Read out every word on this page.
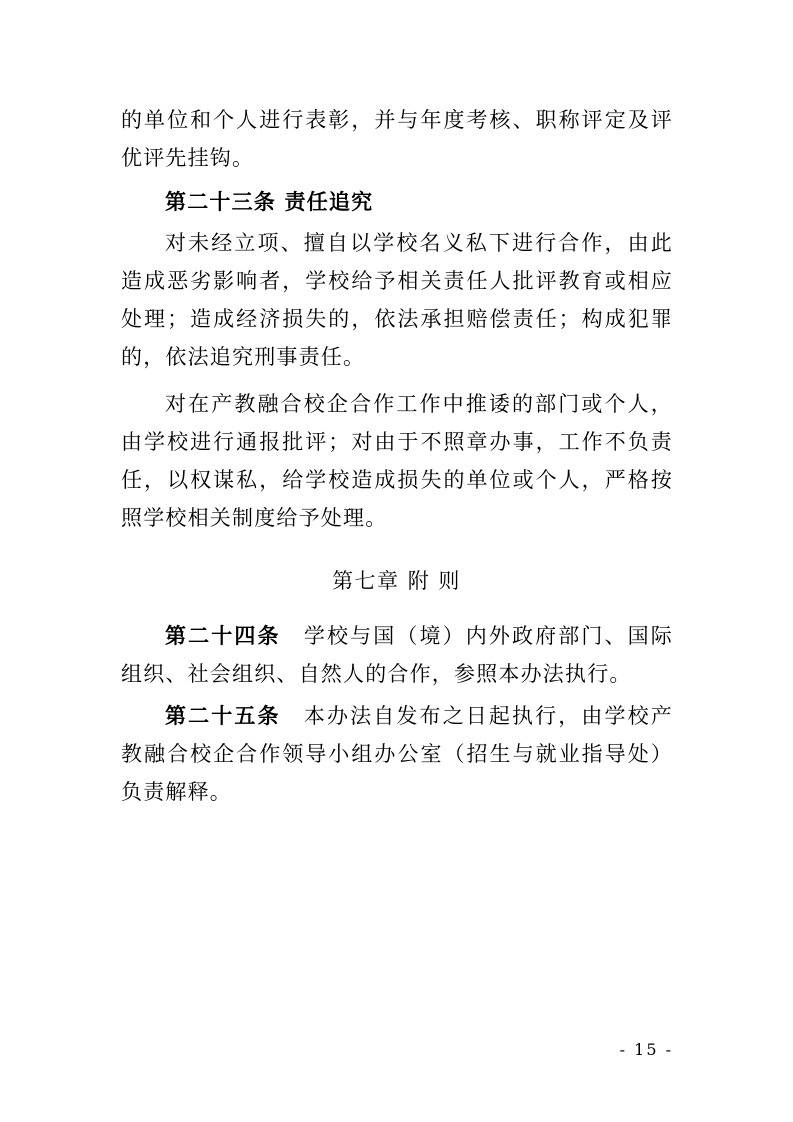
的单位和个人进行表彰，并与年度考核、职称评定及评优评先挂钩。

第二十三条 责任追究

对未经立项、擅自以学校名义私下进行合作，由此造成恶劣影响者，学校给予相关责任人批评教育或相应处理；造成经济损失的，依法承担赔偿责任；构成犯罪的，依法追究刑事责任。

对在产教融合校企合作工作中推诿的部门或个人，由学校进行通报批评；对由于不照章办事，工作不负责任，以权谋私，给学校造成损失的单位或个人，严格按照学校相关制度给予处理。

第七章 附 则

第二十四条　 学校与国（境）内外政府部门、国际组织、社会组织、自然人的合作，参照本办法执行。

第二十五条　 本办法自发布之日起执行，由学校产教融合校企合作领导小组办公室（招生与就业指导处）负责解释。

- 15 -
